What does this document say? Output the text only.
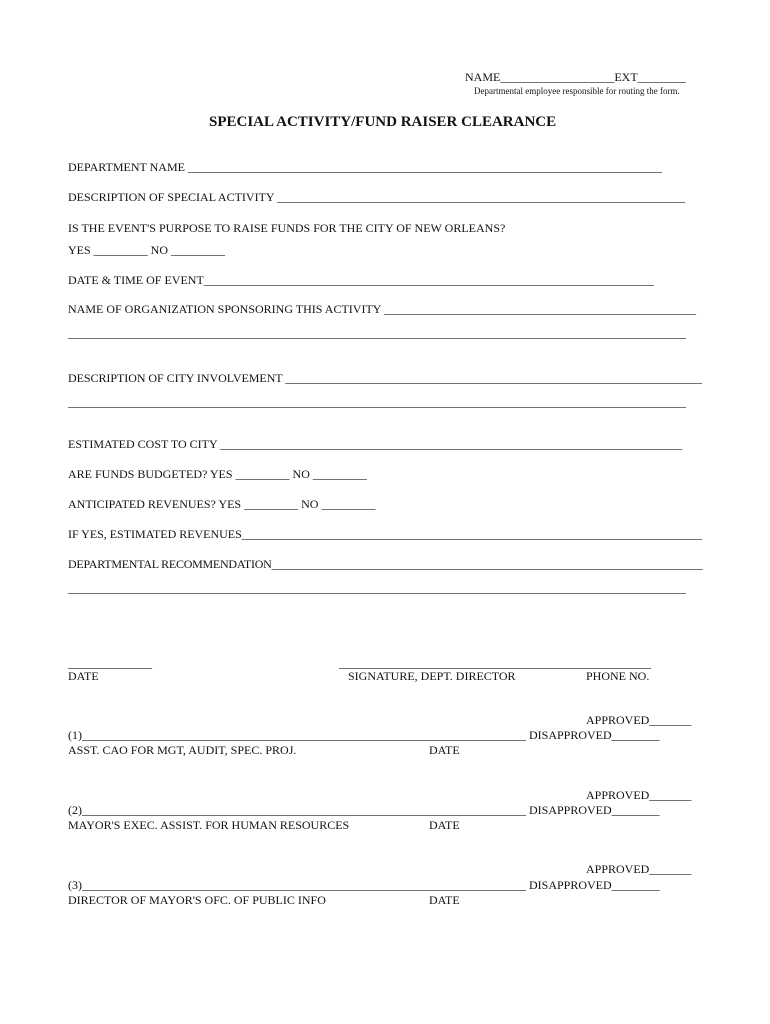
NAME___________________EXT________
Departmental employee responsible for routing the form.
SPECIAL ACTIVITY/FUND RAISER CLEARANCE
DEPARTMENT NAME _______________________________________________________________________________
DESCRIPTION OF SPECIAL ACTIVITY ____________________________________________________________________
IS THE EVENT'S PURPOSE TO RAISE FUNDS FOR THE CITY OF NEW ORLEANS?
YES _________ NO _________
DATE & TIME OF EVENT___________________________________________________________________________
NAME OF ORGANIZATION SPONSORING THIS ACTIVITY ____________________________________________________
_______________________________________________________________________________________________________
DESCRIPTION OF CITY INVOLVEMENT ______________________________________________________________________
_______________________________________________________________________________________________________
ESTIMATED COST TO CITY _____________________________________________________________________________
ARE FUNDS BUDGETED? YES _________ NO _________
ANTICIPATED REVENUES? YES _________ NO _________
IF YES, ESTIMATED REVENUES_____________________________________________________________________________
DEPARTMENTAL RECOMMENDATION___________________________________________________________________________
_______________________________________________________________________________________________________
______________
DATE
____________________________________________________
SIGNATURE, DEPT. DIRECTOR	PHONE NO.
APPROVED_______
(1)__________________________________________________________________________ DISAPPROVED________
ASST. CAO FOR MGT, AUDIT, SPEC. PROJ.	DATE
APPROVED_______
(2)__________________________________________________________________________ DISAPPROVED________
MAYOR'S EXEC. ASSIST. FOR HUMAN RESOURCES	DATE
APPROVED_______
(3)__________________________________________________________________________ DISAPPROVED________
DIRECTOR OF MAYOR'S OFC. OF PUBLIC INFO	DATE
